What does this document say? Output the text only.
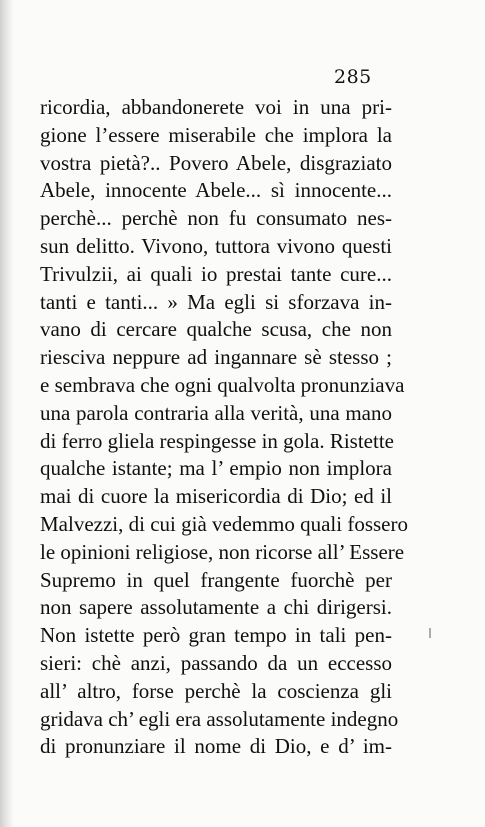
285
ricordia, abbandonerete voi in una pri-
gione l’essere miserabile che implora la
vostra pietà?.. Povero Abele, disgraziato
Abele, innocente Abele... sì innocente...
perchè... perchè non fu consumato nes-
sun delitto. Vivono, tuttora vivono questi
Trivulzii, ai quali io prestai tante cure...
tanti e tanti... » Ma egli si sforzava in-
vano di cercare qualche scusa, che non
riesciva neppure ad ingannare sè stesso ;
e sembrava che ogni qualvolta pronunziava
una parola contraria alla verità, una mano
di ferro gliela respingesse in gola. Ristette
qualche istante; ma l’ empio non implora
mai di cuore la misericordia di Dio; ed il
Malvezzi, di cui già vedemmo quali fossero
le opinioni religiose, non ricorse all’ Essere
Supremo in quel frangente fuorchè per
non sapere assolutamente a chi dirigersi.
Non istette però gran tempo in tali pen-
sieri: chè anzi, passando da un eccesso
all’ altro, forse perchè la coscienza gli
gridava ch’ egli era assolutamente indegno
di pronunziare il nome di Dio, e d’ im-
